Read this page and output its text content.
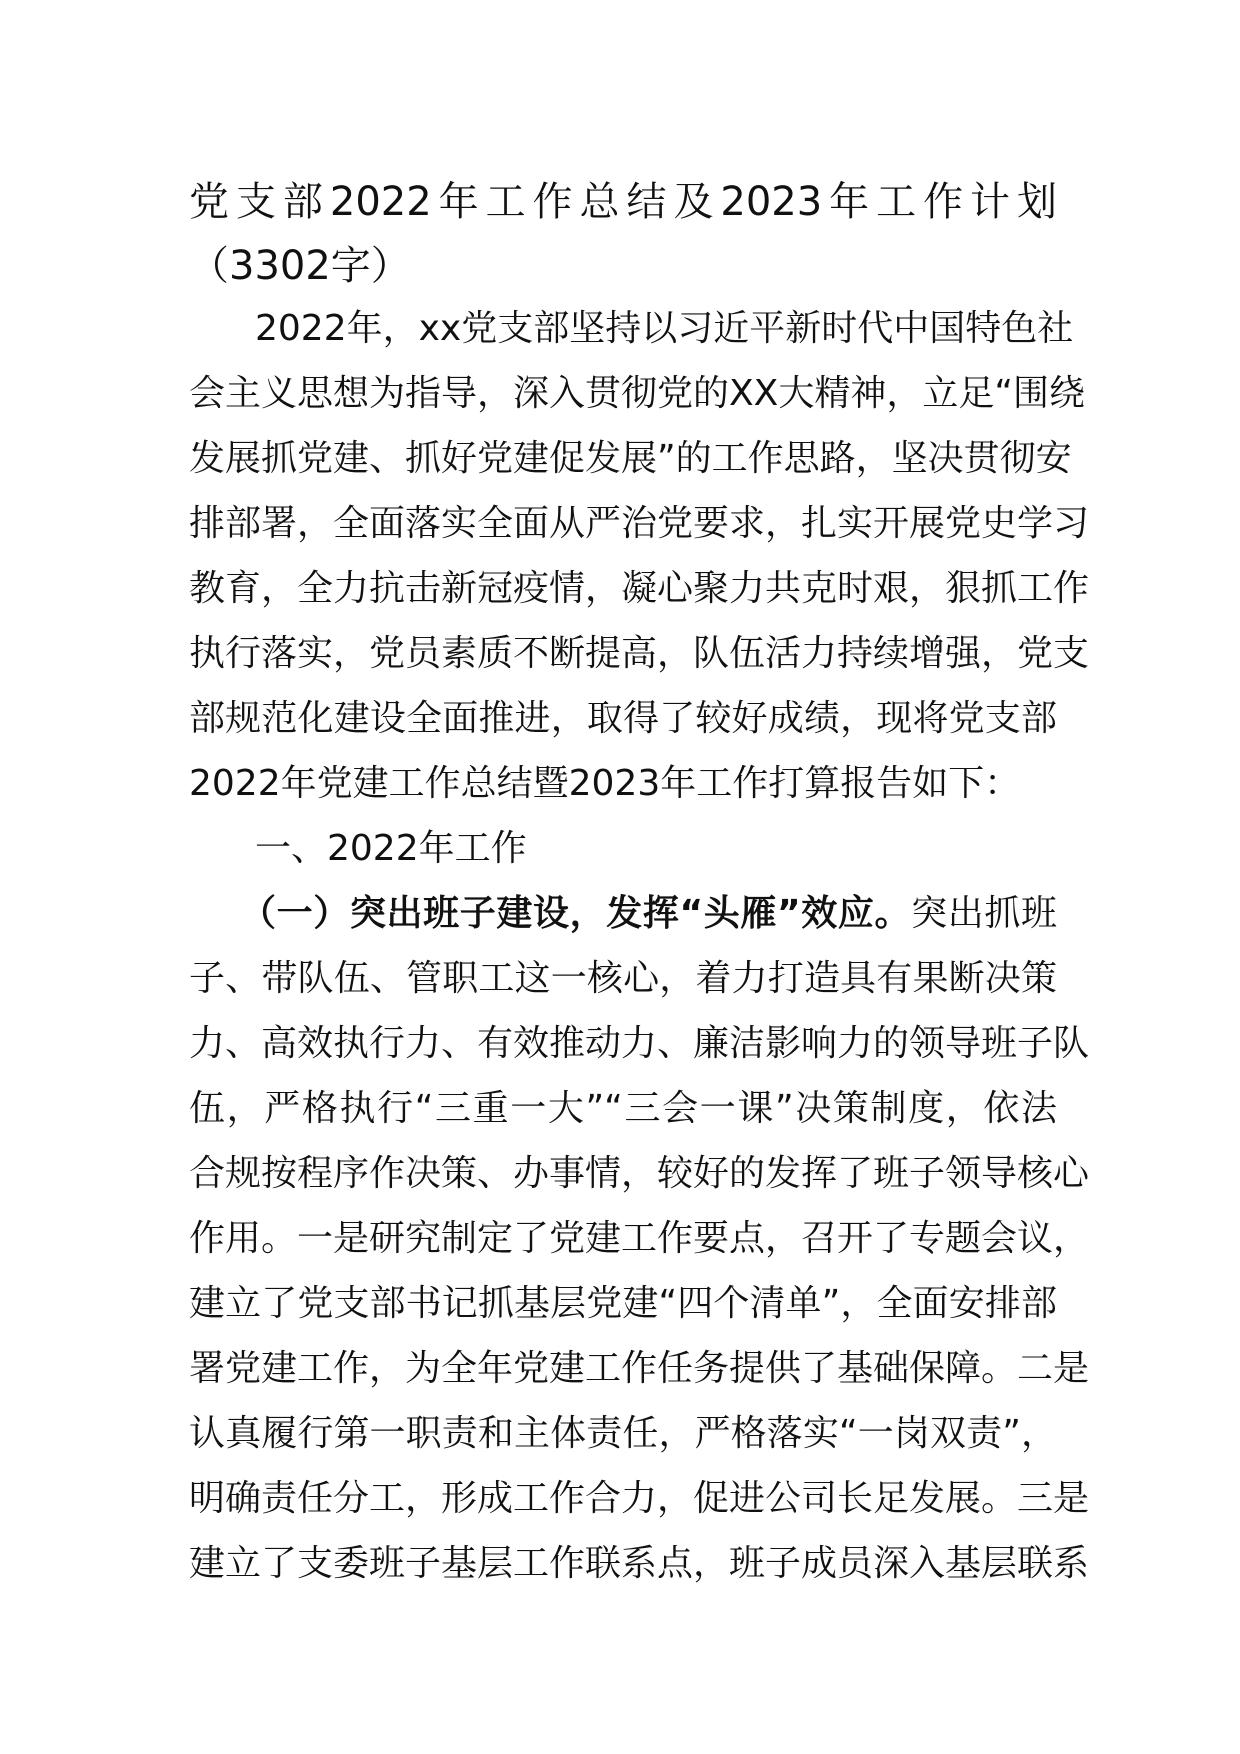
党支部2022年工作总结及2023年工作计划
（3302字）
2022年，xx党支部坚持以习近平新时代中国特色社
会主义思想为指导，深入贯彻党的XX大精神，立足“围绕
发展抓党建、抓好党建促发展”的工作思路，坚决贯彻安
排部署，全面落实全面从严治党要求，扎实开展党史学习
教育，全力抗击新冠疫情，凝心聚力共克时艰，狠抓工作
执行落实，党员素质不断提高，队伍活力持续增强，党支
部规范化建设全面推进，取得了较好成绩，现将党支部
2022年党建工作总结暨2023年工作打算报告如下：
一、2022年工作
（一）突出班子建设，发挥“头雁”效应。突出抓班
子、带队伍、管职工这一核心，着力打造具有果断决策
力、高效执行力、有效推动力、廉洁影响力的领导班子队
伍，严格执行“三重一大”“三会一课”决策制度，依法
合规按程序作决策、办事情，较好的发挥了班子领导核心
作用。一是研究制定了党建工作要点，召开了专题会议，
建立了党支部书记抓基层党建“四个清单”，全面安排部
署党建工作，为全年党建工作任务提供了基础保障。二是
认真履行第一职责和主体责任，严格落实“一岗双责”，
明确责任分工，形成工作合力，促进公司长足发展。三是
建立了支委班子基层工作联系点，班子成员深入基层联系
